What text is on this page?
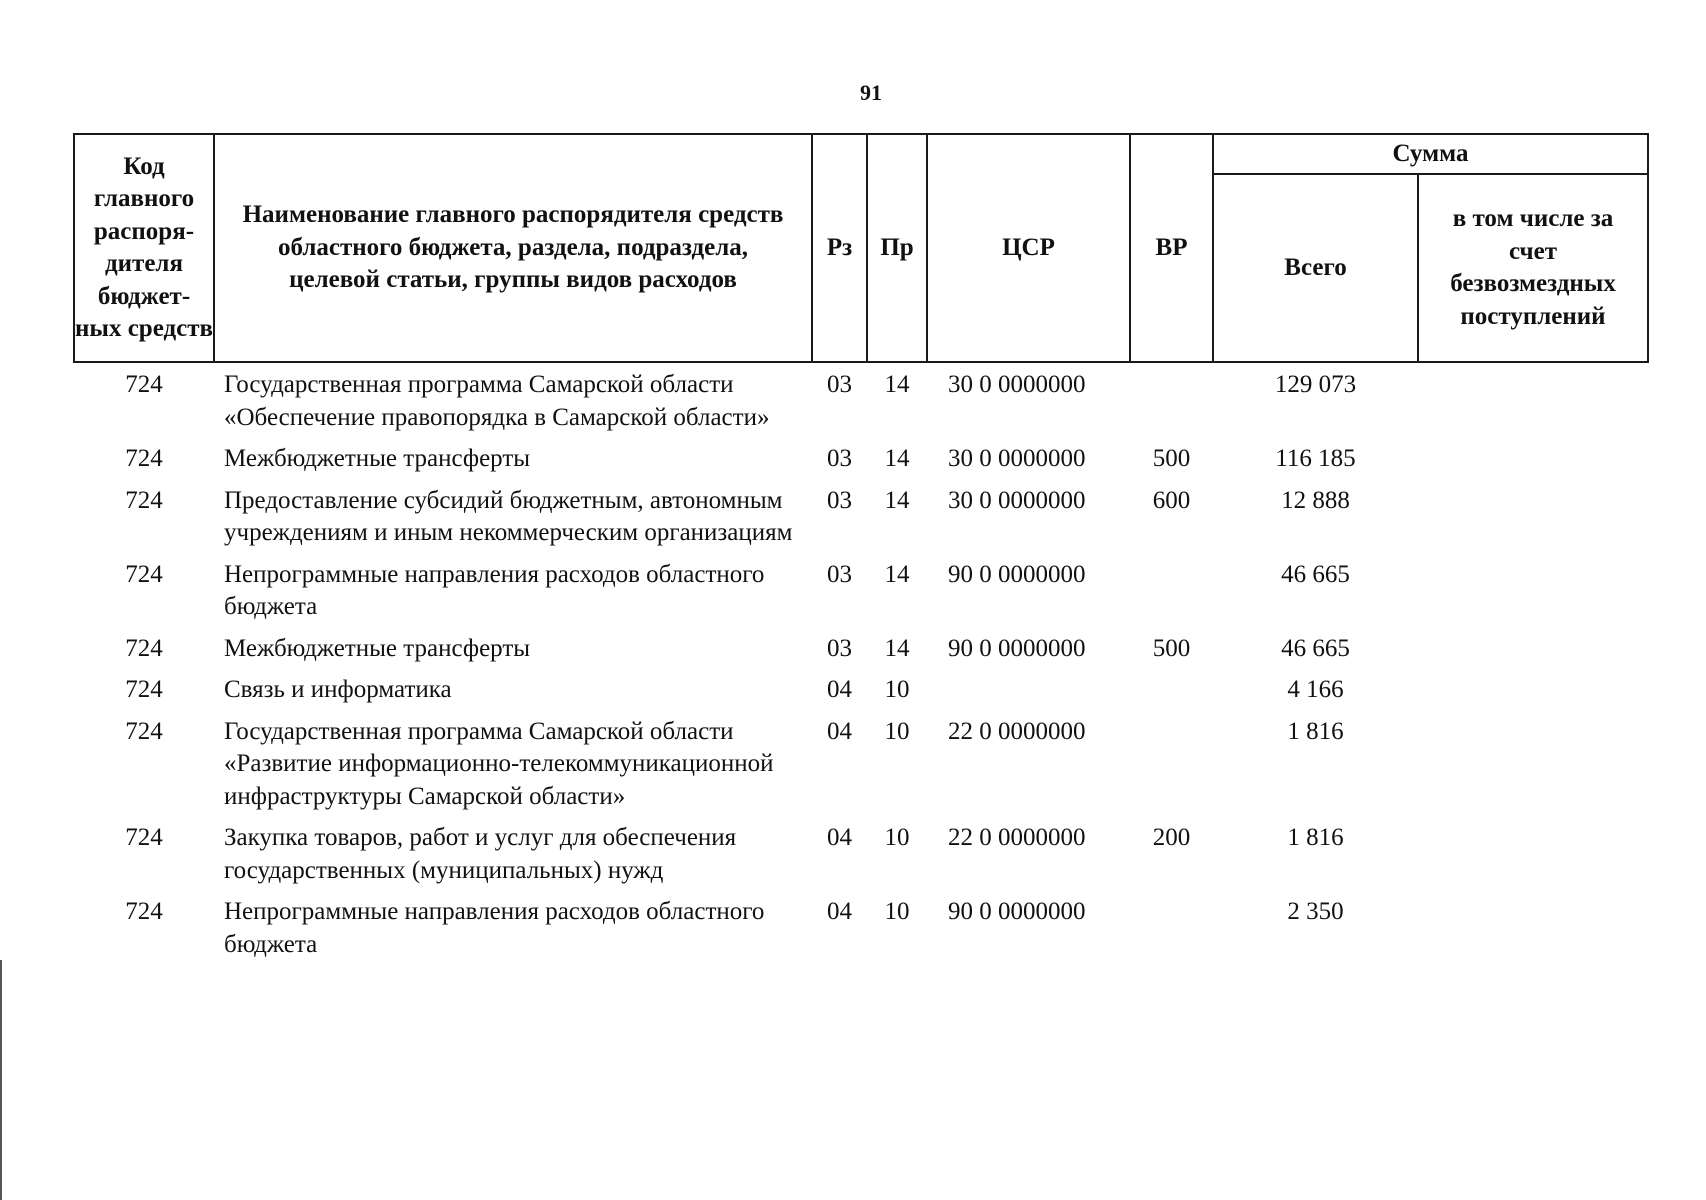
91
Код главного распоря-дителя бюджет-ных средств	Наименование главного распорядителя средств областного бюджета, раздела, подраздела, целевой статьи, группы видов расходов	Рз	Пр	ЦСР	ВР	Сумма	
						Всего	в том числе за счет безвозмездных поступлений
724	Государственная программа Самарской области «Обеспечение правопорядка в Самарской области»	03	14	30 0 0000000		129 073	
724	Межбюджетные трансферты	03	14	30 0 0000000	500	116 185	
724	Предоставление субсидий бюджетным, автономным учреждениям и иным некоммерческим организациям	03	14	30 0 0000000	600	12 888	
724	Непрограммные направления расходов областного бюджета	03	14	90 0 0000000		46 665	
724	Межбюджетные трансферты	03	14	90 0 0000000	500	46 665	
724	Связь и информатика	04	10			4 166	
724	Государственная программа Самарской области «Развитие информационно-телекоммуникационной инфраструктуры Самарской области»	04	10	22 0 0000000		1 816	
724	Закупка товаров, работ и услуг для обеспечения государственных (муниципальных) нужд	04	10	22 0 0000000	200	1 816	
724	Непрограммные направления расходов областного бюджета	04	10	90 0 0000000		2 350	
